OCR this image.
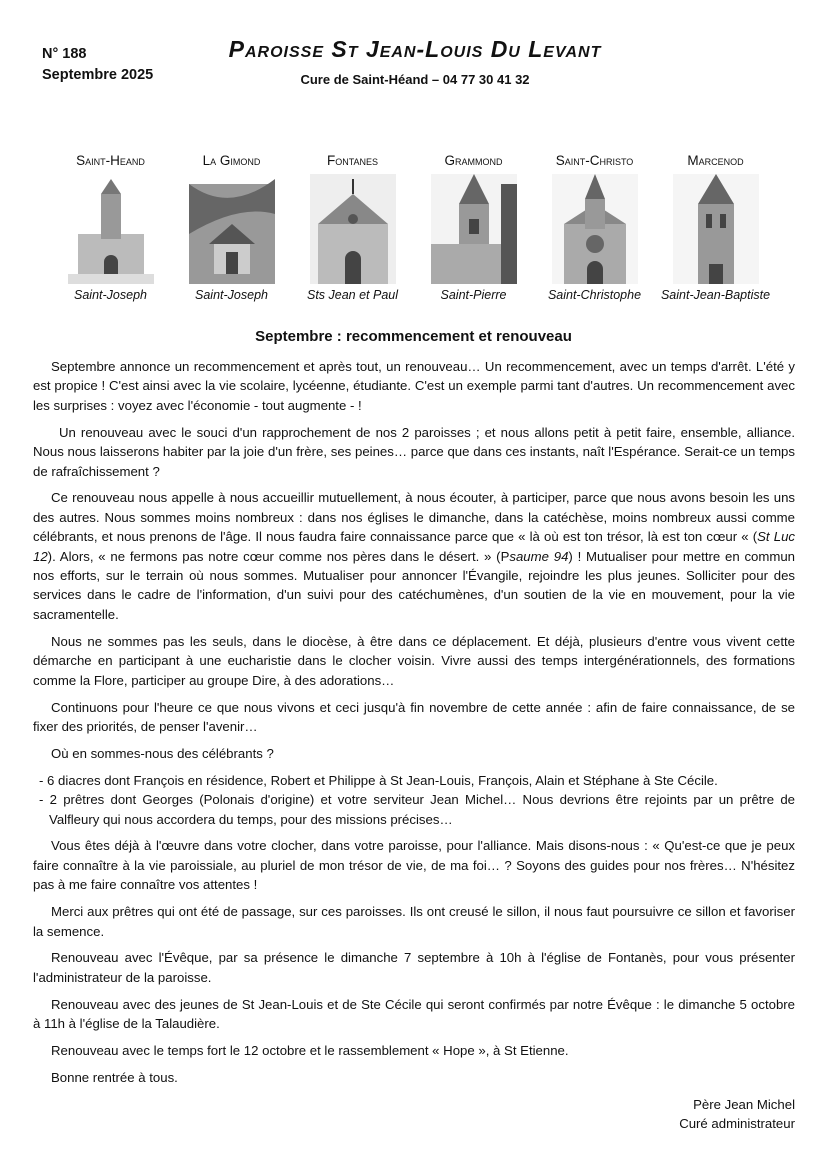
N° 188
Septembre 2025
Paroisse St Jean-Louis Du Levant
Cure de Saint-Héand – 04 77 30 41 32
Saint-Heand
Saint-Joseph
La Gimond
Saint-Joseph
Fontanes
Sts Jean et Paul
Grammond
Saint-Pierre
Saint-Christo
Saint-Christophe
Marcenod
Saint-Jean-Baptiste
Septembre : recommencement et renouveau

Septembre annonce un recommencement et après tout, un renouveau… Un recommencement, avec un temps d'arrêt. L'été y est propice ! C'est ainsi avec la vie scolaire, lycéenne, étudiante. C'est un exemple parmi tant d'autres. Un recommencement avec les surprises : voyez avec l'économie - tout augmente - !

Un renouveau avec le souci d'un rapprochement de nos 2 paroisses ; et nous allons petit à petit faire, ensemble, alliance. Nous nous laisserons habiter par la joie d'un frère, ses peines… parce que dans ces instants, naît l'Espérance. Serait-ce un temps de rafraîchissement ?

Ce renouveau nous appelle à nous accueillir mutuellement, à nous écouter, à participer, parce que nous avons besoin les uns des autres. Nous sommes moins nombreux : dans nos églises le dimanche, dans la catéchèse, moins nombreux aussi comme célébrants, et nous prenons de l'âge. Il nous faudra faire connaissance parce que « là où est ton trésor, là est ton cœur « (St Luc 12). Alors, « ne fermons pas notre cœur comme nos pères dans le désert. » (Psaume 94) ! Mutualiser pour mettre en commun nos efforts, sur le terrain où nous sommes. Mutualiser pour annoncer l'Évangile, rejoindre les plus jeunes. Solliciter pour des services dans le cadre de l'information, d'un suivi pour des catéchumènes, d'un soutien de la vie en mouvement, pour la vie sacramentelle.

Nous ne sommes pas les seuls, dans le diocèse, à être dans ce déplacement. Et déjà, plusieurs d'entre vous vivent cette démarche en participant à une eucharistie dans le clocher voisin. Vivre aussi des temps intergénérationnels, des formations comme la Flore, participer au groupe Dire, à des adorations…

Continuons pour l'heure ce que nous vivons et ceci jusqu'à fin novembre de cette année : afin de faire connaissance, de se fixer des priorités, de penser l'avenir…

Où en sommes-nous des célébrants ?

- 6 diacres dont François en résidence, Robert et Philippe à St Jean-Louis, François, Alain et Stéphane à Ste Cécile.
- 2 prêtres dont Georges (Polonais d'origine) et votre serviteur Jean Michel… Nous devrions être rejoints par un prêtre de Valfleury qui nous accordera du temps, pour des missions précises…

Vous êtes déjà à l'œuvre dans votre clocher, dans votre paroisse, pour l'alliance. Mais disons-nous : « Qu'est-ce que je peux faire connaître à la vie paroissiale, au pluriel de mon trésor de vie, de ma foi… ? Soyons des guides pour nos frères… N'hésitez pas à me faire connaître vos attentes !

Merci aux prêtres qui ont été de passage, sur ces paroisses. Ils ont creusé le sillon, il nous faut poursuivre ce sillon et favoriser la semence.

Renouveau avec l'Évêque, par sa présence le dimanche 7 septembre à 10h à l'église de Fontanès, pour vous présenter l'administrateur de la paroisse.

Renouveau avec des jeunes de St Jean-Louis et de Ste Cécile qui seront confirmés par notre Évêque : le dimanche 5 octobre à 11h à l'église de la Talaudière.

Renouveau avec le temps fort le 12 octobre et le rassemblement « Hope », à St Etienne.

Bonne rentrée à tous.

Père Jean Michel
Curé administrateur
